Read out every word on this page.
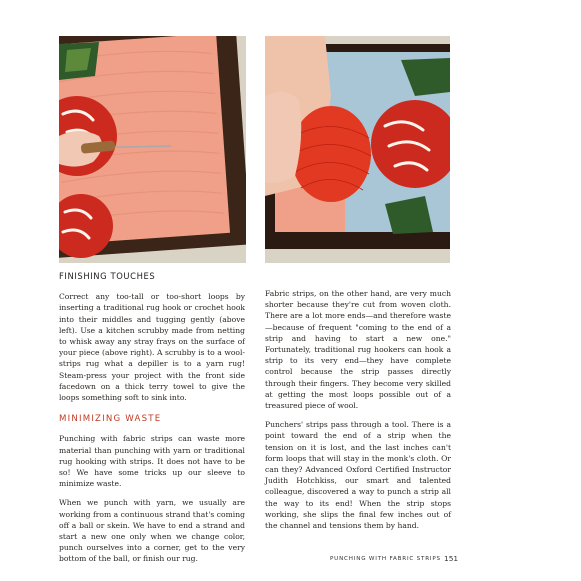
FINISHING TOUCHES

Correct any too-tall or too-short loops by inserting a traditional rug hook or crochet hook into their middles and tugging gently (above left). Use a kitchen scrubby made from netting to whisk away any stray frays on the surface of your piece (above right). A scrubby is to a wool-strips rug what a depiller is to a yarn rug! Steam-press your project with the front side facedown on a thick terry towel to give the loops something soft to sink into.

MINIMIZING WASTE

Punching with fabric strips can waste more material than punching with yarn or traditional rug hooking with strips. It does not have to be so! We have some tricks up our sleeve to minimize waste.

When we punch with yarn, we usually are working from a continuous strand that's coming off a ball or skein. We have to end a strand and start a new one only when we change color, punch ourselves into a corner, get to the very bottom of the ball, or finish our rug.

Fabric strips, on the other hand, are very much shorter because they're cut from woven cloth. There are a lot more ends—and therefore waste—because of frequent "coming to the end of a strip and having to start a new one." Fortunately, traditional rug hookers can hook a strip to its very end—they have complete control because the strip passes directly through their fingers. They become very skilled at getting the most loops possible out of a treasured piece of wool.

Punchers' strips pass through a tool. There is a point toward the end of a strip when the tension on it is lost, and the last inches can't form loops that will stay in the monk's cloth. Or can they? Advanced Oxford Certified Instructor Judith Hotchkiss, our smart and talented colleague, discovered a way to punch a strip all the way to its end! When the strip stops working, she slips the final few inches out of the channel and tensions them by hand.

PUNCHING WITH FABRIC STRIPS 151
